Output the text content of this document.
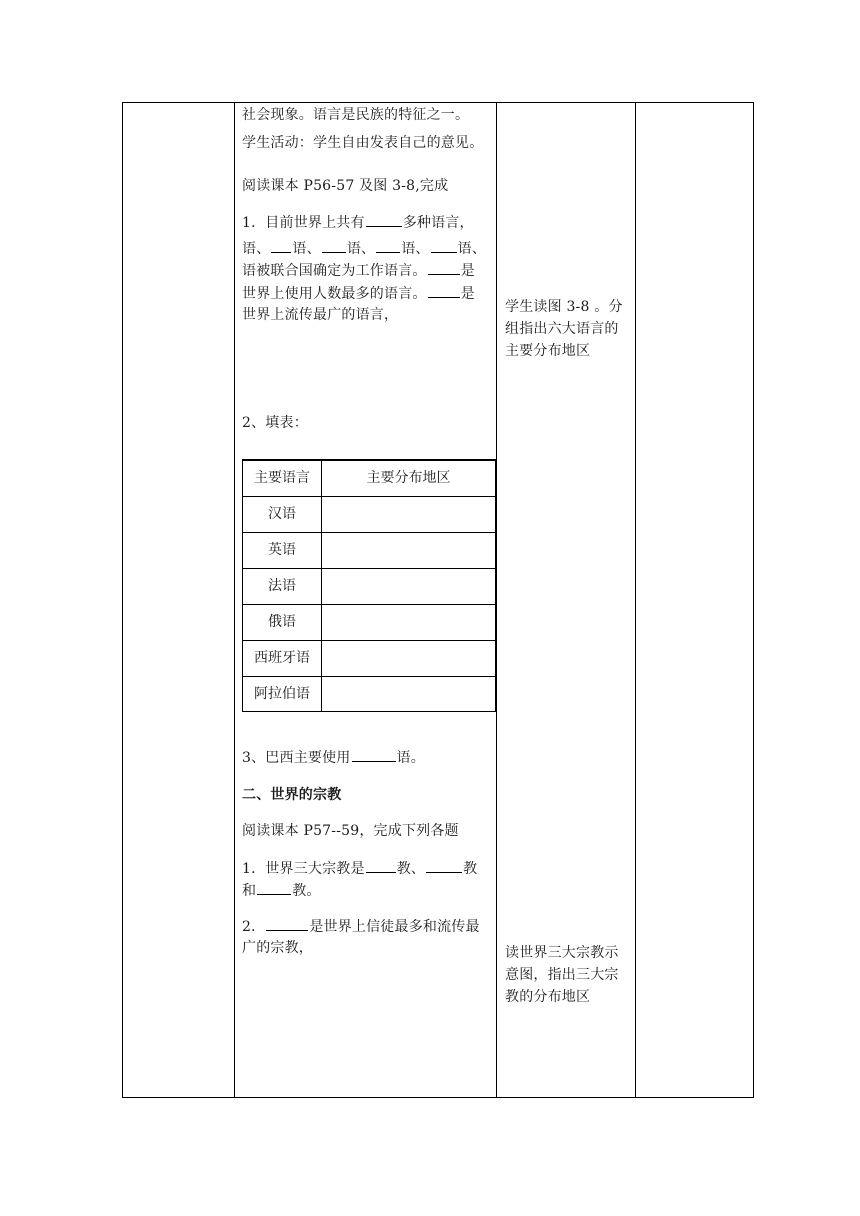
社会现象。语言是民族的特征之一。
学生活动：学生自由发表自己的意见。
阅读课本 P56-57 及图 3-8,完成
1．目前世界上共有	多种语言，
语、 语、 语、 语、 语、
语被联合国确定为工作语言。 是
世界上使用人数最多的语言。 是
世界上流传最广的语言，
2、填表：
主要语言	主要分布地区
汉语
英语
法语
俄语
西班牙语
阿拉伯语
3、巴西主要使用	语。
二、世界的宗教
阅读课本 P57--59，完成下列各题
1．世界三大宗教是 教、	教
和	教。
2．	是世界上信徒最多和流传最
广的宗教，
学生读图 3-8 。分
组指出六大语言的
主要分布地区
读世界三大宗教示
意图，指出三大宗
教的分布地区
